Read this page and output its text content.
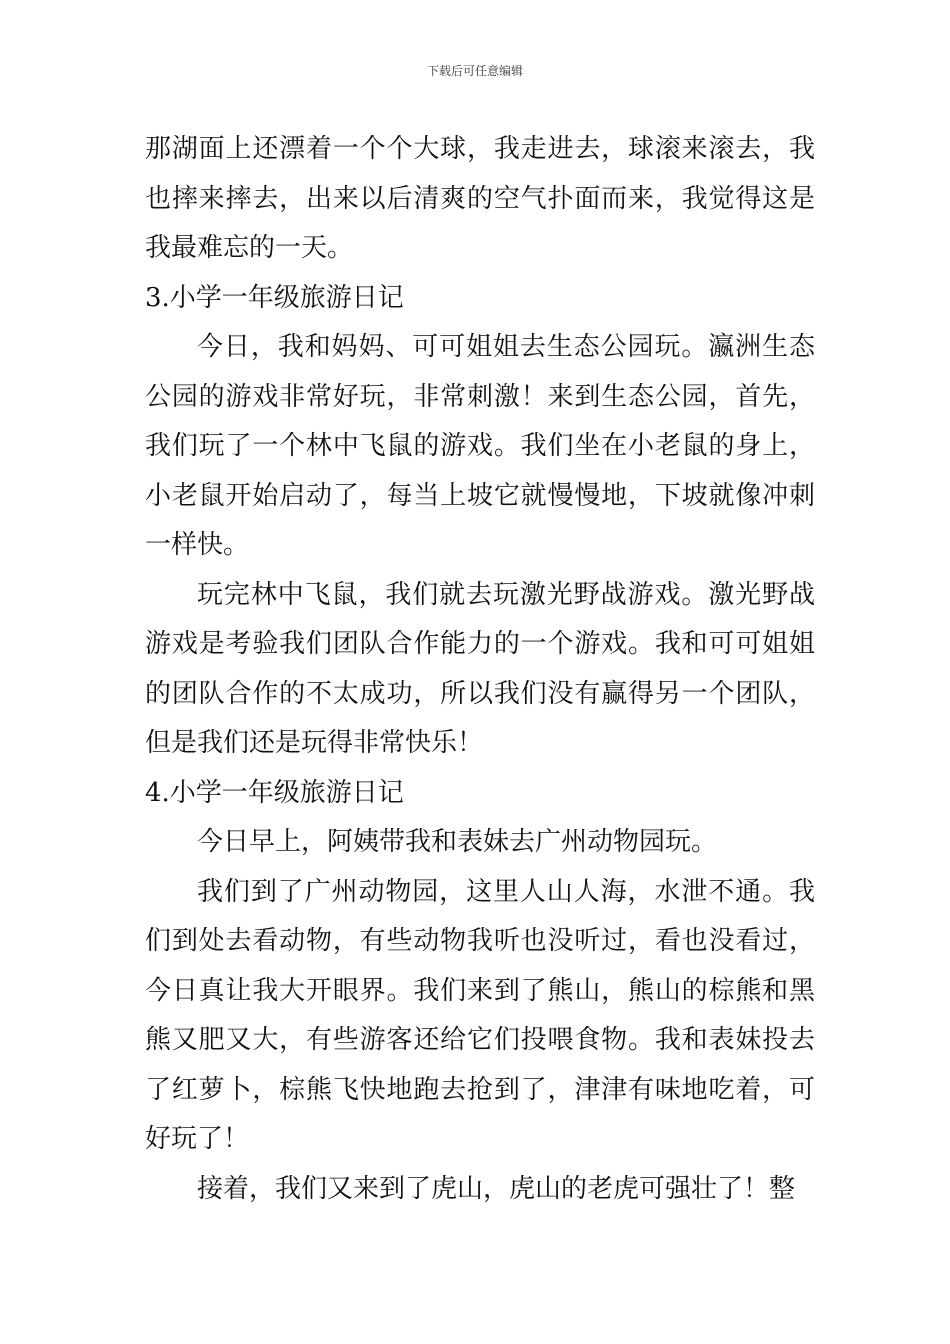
下载后可任意编辑

那湖面上还漂着一个个大球，我走进去，球滚来滚去，我也摔来摔去，出来以后清爽的空气扑面而来，我觉得这是我最难忘的一天。

3.小学一年级旅游日记

今日，我和妈妈、可可姐姐去生态公园玩。瀛洲生态公园的游戏非常好玩，非常刺激！来到生态公园，首先，我们玩了一个林中飞鼠的游戏。我们坐在小老鼠的身上，小老鼠开始启动了，每当上坡它就慢慢地，下坡就像冲刺一样快。

玩完林中飞鼠，我们就去玩激光野战游戏。激光野战游戏是考验我们团队合作能力的一个游戏。我和可可姐姐的团队合作的不太成功，所以我们没有赢得另一个团队，但是我们还是玩得非常快乐！

4.小学一年级旅游日记

今日早上，阿姨带我和表妹去广州动物园玩。

我们到了广州动物园，这里人山人海，水泄不通。我们到处去看动物，有些动物我听也没听过，看也没看过，今日真让我大开眼界。我们来到了熊山，熊山的棕熊和黑熊又肥又大，有些游客还给它们投喂食物。我和表妹投去了红萝卜，棕熊飞快地跑去抢到了，津津有味地吃着，可好玩了！

接着，我们又来到了虎山，虎山的老虎可强壮了！整
